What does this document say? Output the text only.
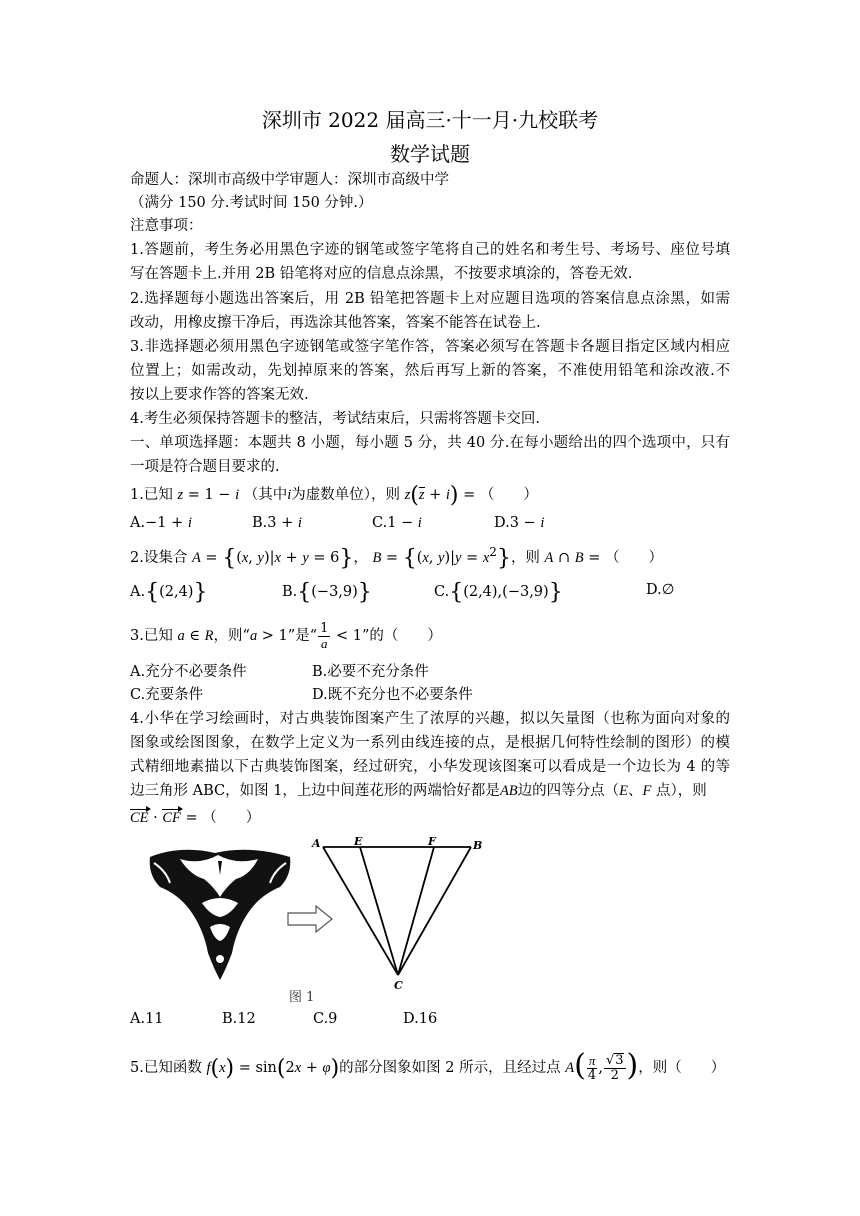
深圳市 2022 届高三·十一月·九校联考
数学试题
命题人：深圳市高级中学审题人：深圳市高级中学
（满分 150 分.考试时间 150 分钟.）
注意事项：
1.答题前，考生务必用黑色字迹的钢笔或签字笔将自己的姓名和考生号、考场号、座位号填
写在答题卡上.并用 2B 铅笔将对应的信息点涂黑，不按要求填涂的，答卷无效.
2.选择题每小题选出答案后，用 2B 铅笔把答题卡上对应题目选项的答案信息点涂黑，如需
改动，用橡皮擦干净后，再选涂其他答案，答案不能答在试卷上.
3.非选择题必须用黑色字迹钢笔或签字笔作答，答案必须写在答题卡各题目指定区域内相应
位置上；如需改动，先划掉原来的答案，然后再写上新的答案，不准使用铅笔和涂改液.不
按以上要求作答的答案无效.
4.考生必须保持答题卡的整洁，考试结束后，只需将答题卡交回.
一、单项选择题：本题共 8 小题，每小题 5 分，共 40 分.在每小题给出的四个选项中，只有
一项是符合题目要求的.
1.已知 z = 1 − i （其中i为虚数单位），则 z(z + i) = （　　）
A.−1 + i	B.3 + i	C.1 − i	D.3 − i
2.设集合 A = {(x, y)|x + y = 6}， B = {(x, $y)|y = x^2$}，则 A ∩ B = （　　）
A.{(2,4)}	B.{(−3,9)}	C.{(2,4),(−3,9)}	D.∅
3.已知 a ∈ R，则“a > 1”是“ $\frac{1}{a} < 1$”的（　　）
A.充分不必要条件	B.必要不充分条件
C.充要条件	D.既不充分也不必要条件
4.小华在学习绘画时，对古典装饰图案产生了浓厚的兴趣，拟以矢量图（也称为面向对象的
图象或绘图图象，在数学上定义为一系列由线连接的点，是根据几何特性绘制的图形）的模
式精细地素描以下古典装饰图案，经过研究，小华发现该图案可以看成是一个边长为 4 的等
边三角形 ABC，如图 1，上边中间莲花形的两端恰好都是AB边的四等分点（E、F 点），则
CE · CF = （　　）
A	E	F	B
C
图 1
A.11	B.12	C.9	D.16
5.已知函数 f(x) = sin(2x + φ)的部分图象如图 2 所示，且经过点 $A( \frac{\pi}{4}$ , $\frac{√3}{2}$ )，则（　　）
